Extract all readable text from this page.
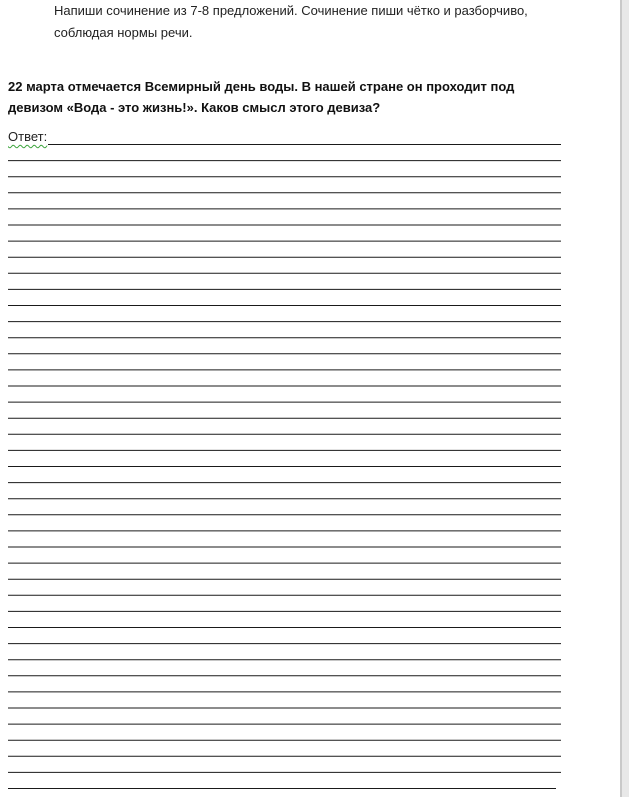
Напиши сочинение из 7-8 предложений. Сочинение пиши чётко и разборчиво, соблюдая нормы речи.

22 марта отмечается Всемирный день воды. В нашей стране он проходит под девизом «Вода - это жизнь!». Каков смысл этого девиза?

Ответ:
